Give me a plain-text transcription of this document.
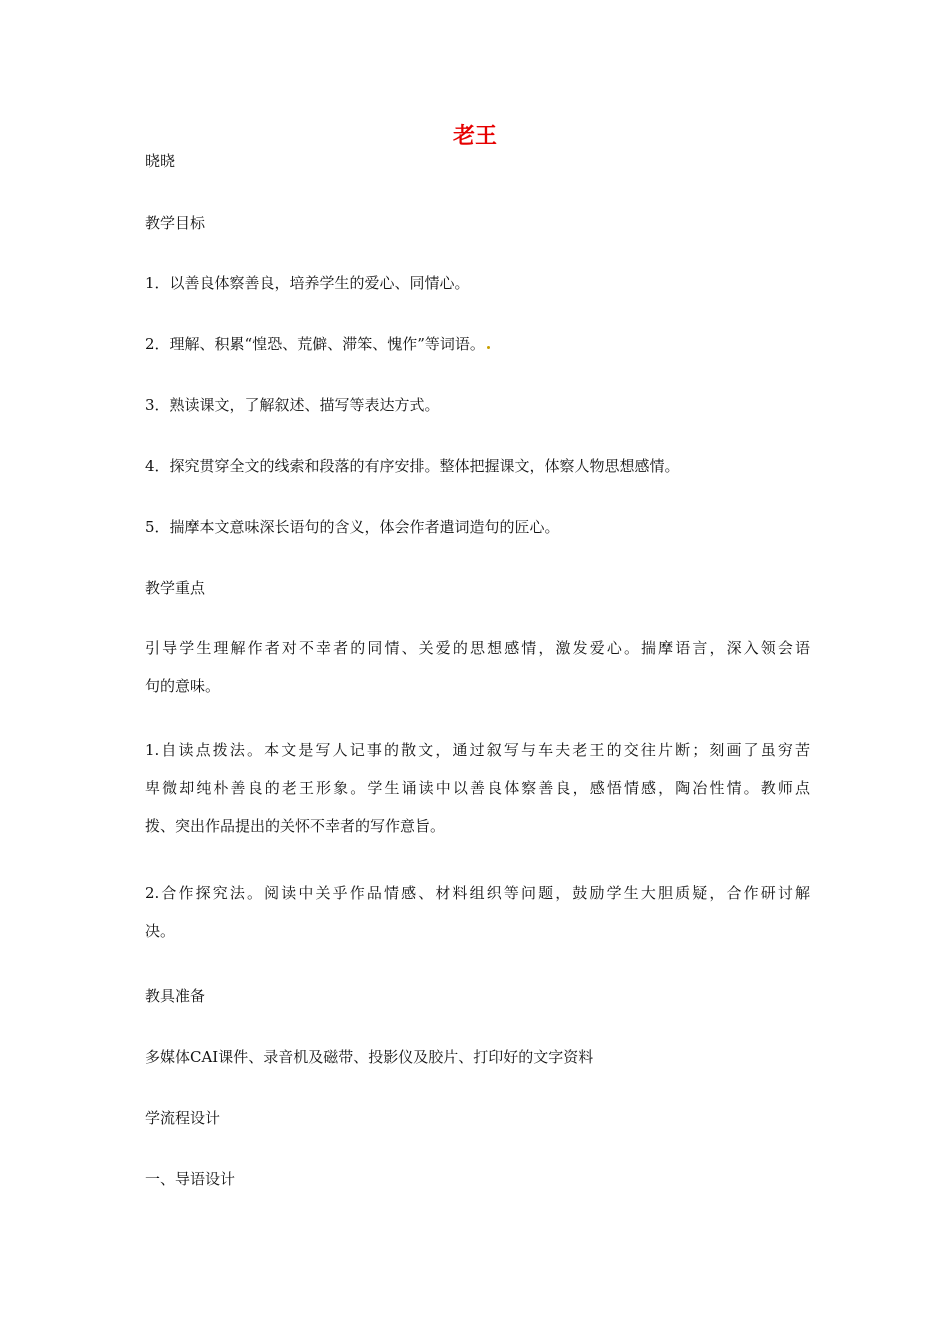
老王

晓晓

教学目标

1．以善良体察善良，培养学生的爱心、同情心。

2．理解、积累“惶恐、荒僻、滞笨、愧作”等词语。

3．熟读课文，了解叙述、描写等表达方式。

4．探究贯穿全文的线索和段落的有序安排。整体把握课文，体察人物思想感情。

5．揣摩本文意味深长语句的含义，体会作者遣词造句的匠心。

教学重点

引导学生理解作者对不幸者的同情、关爱的思想感情，激发爱心。揣摩语言，深入领会语
句的意味。
1.自读点拨法。本文是写人记事的散文，通过叙写与车夫老王的交往片断；刻画了虽穷苦
卑微却纯朴善良的老王形象。学生诵读中以善良体察善良，感悟情感，陶冶性情。教师点
拨、突出作品提出的关怀不幸者的写作意旨。
2.合作探究法。阅读中关乎作品情感、材料组织等问题，鼓励学生大胆质疑，合作研讨解
决。

教具准备

多媒体CAI课件、录音机及磁带、投影仪及胶片、打印好的文字资料

学流程设计

一、导语设计
